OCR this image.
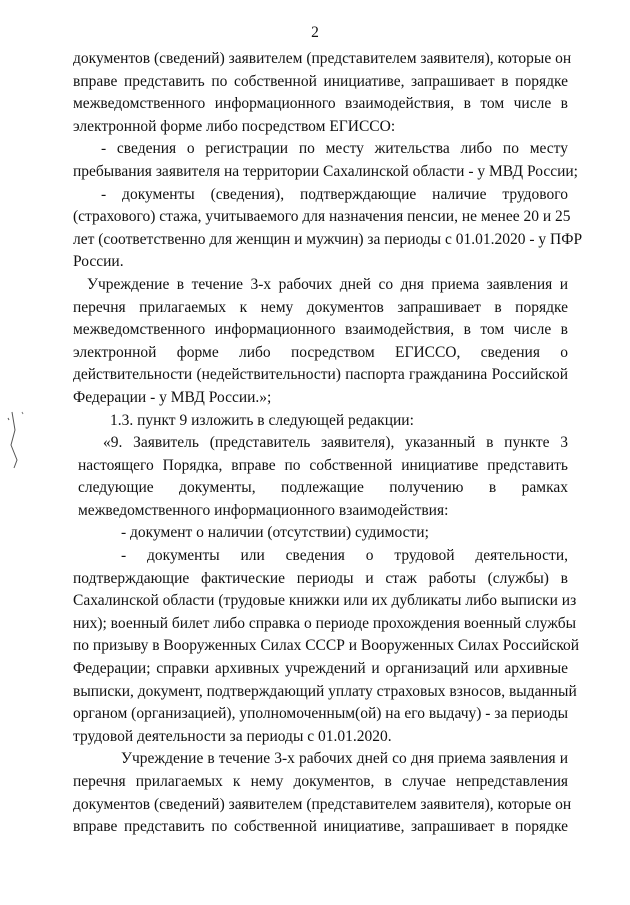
2
документов (сведений) заявителем (представителем заявителя), которые он
вправе представить по собственной инициативе, запрашивает в порядке
межведомственного информационного взаимодействия, в том числе в
электронной форме либо посредством ЕГИССО:
- сведения о регистрации по месту жительства либо по месту
пребывания заявителя на территории Сахалинской области - у МВД России;
- документы (сведения), подтверждающие наличие трудового
(страхового) стажа, учитываемого для назначения пенсии, не менее 20 и 25
лет (соответственно для женщин и мужчин) за периоды с 01.01.2020 - у ПФР
России.
Учреждение в течение 3-х рабочих дней со дня приема заявления и
перечня прилагаемых к нему документов запрашивает в порядке
межведомственного информационного взаимодействия, в том числе в
электронной форме либо посредством ЕГИССО, сведения о
действительности (недействительности) паспорта гражданина Российской
Федерации - у МВД России.»;
1.3. пункт 9 изложить в следующей редакции:
«9. Заявитель (представитель заявителя), указанный в пункте 3
настоящего Порядка, вправе по собственной инициативе представить
следующие документы, подлежащие получению в рамках
межведомственного информационного взаимодействия:
- документ о наличии (отсутствии) судимости;
- документы или сведения о трудовой деятельности,
подтверждающие фактические периоды и стаж работы (службы) в
Сахалинской области (трудовые книжки или их дубликаты либо выписки из
них); военный билет либо справка о периоде прохождения военный службы
по призыву в Вооруженных Силах СССР и Вооруженных Силах Российской
Федерации; справки архивных учреждений и организаций или архивные
выписки, документ, подтверждающий уплату страховых взносов, выданный
органом (организацией), уполномоченным(ой) на его выдачу) - за периоды
трудовой деятельности за периоды с 01.01.2020.
Учреждение в течение 3-х рабочих дней со дня приема заявления и
перечня прилагаемых к нему документов, в случае непредставления
документов (сведений) заявителем (представителем заявителя), которые он
вправе представить по собственной инициативе, запрашивает в порядке
